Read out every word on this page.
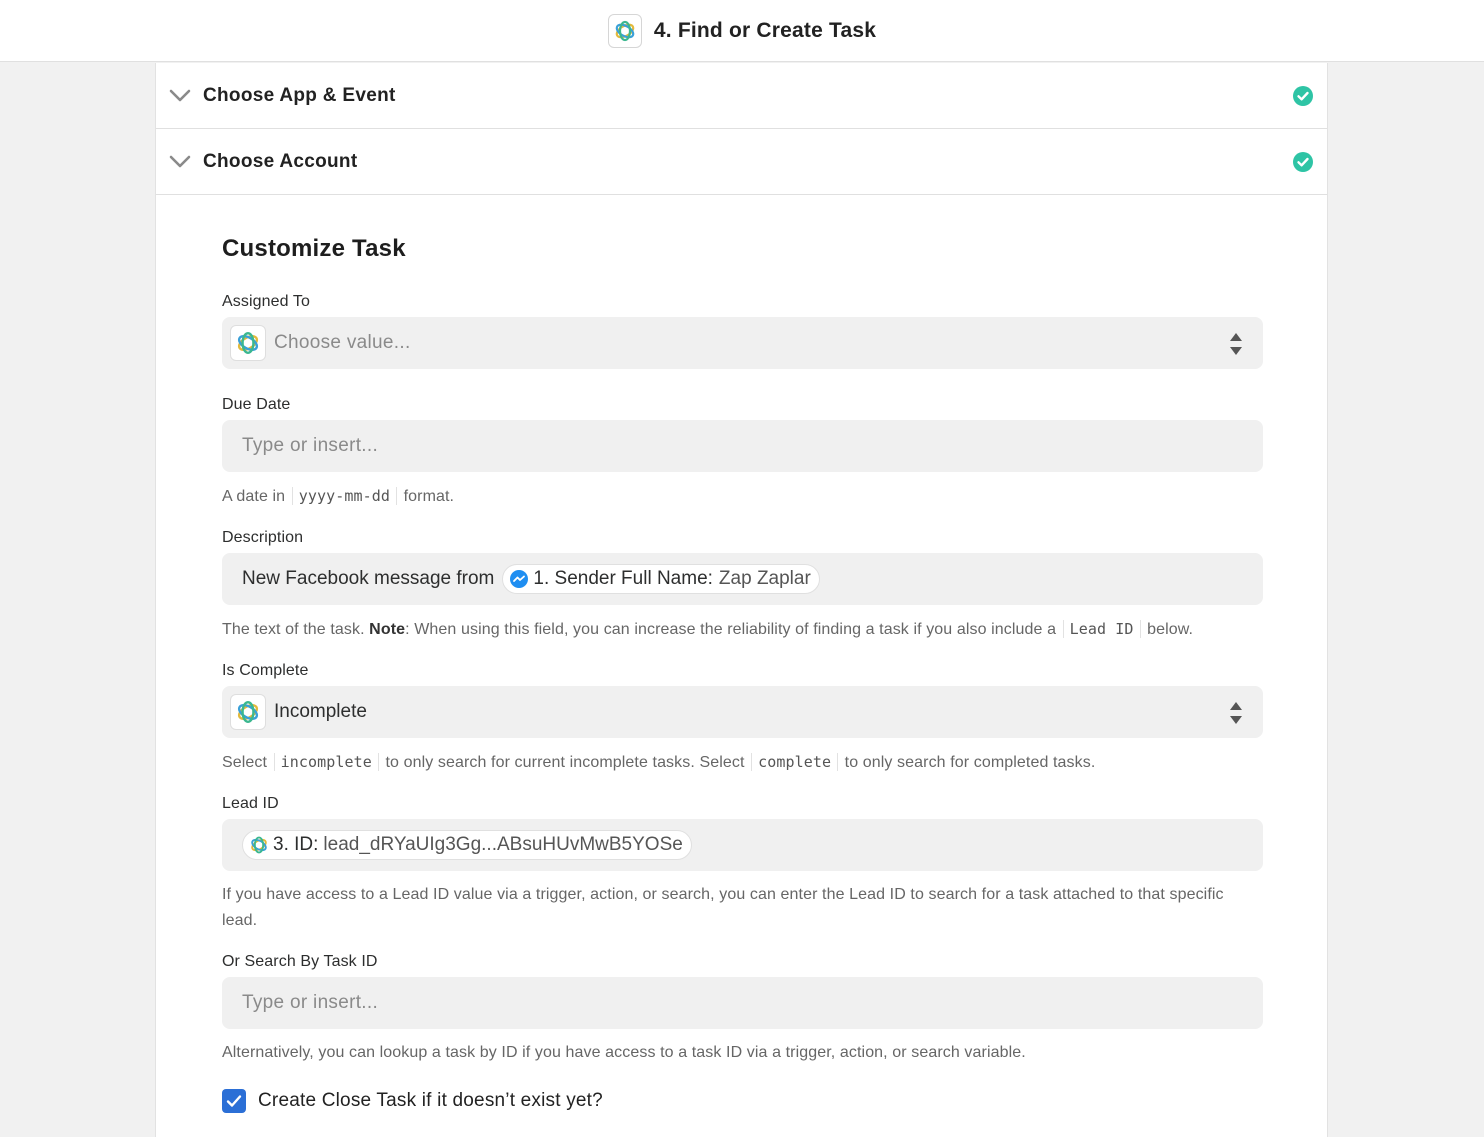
4. Find or Create Task
Choose App & Event
Choose Account
Customize Task
Assigned To
Choose value...
Due Date
Type or insert...
A date in yyyy-mm-dd format.
Description
New Facebook message from 1. Sender Full Name: Zap Zaplar
The text of the task. Note: When using this field, you can increase the reliability of finding a task if you also include a Lead ID below.
Is Complete
Incomplete
Select incomplete to only search for current incomplete tasks. Select complete to only search for completed tasks.
Lead ID
3. ID: lead_dRYaUIg3Gg...ABsuHUvMwB5YOSe
If you have access to a Lead ID value via a trigger, action, or search, you can enter the Lead ID to search for a task attached to that specific lead.
Or Search By Task ID
Type or insert...
Alternatively, you can lookup a task by ID if you have access to a task ID via a trigger, action, or search variable.
Create Close Task if it doesn’t exist yet?
